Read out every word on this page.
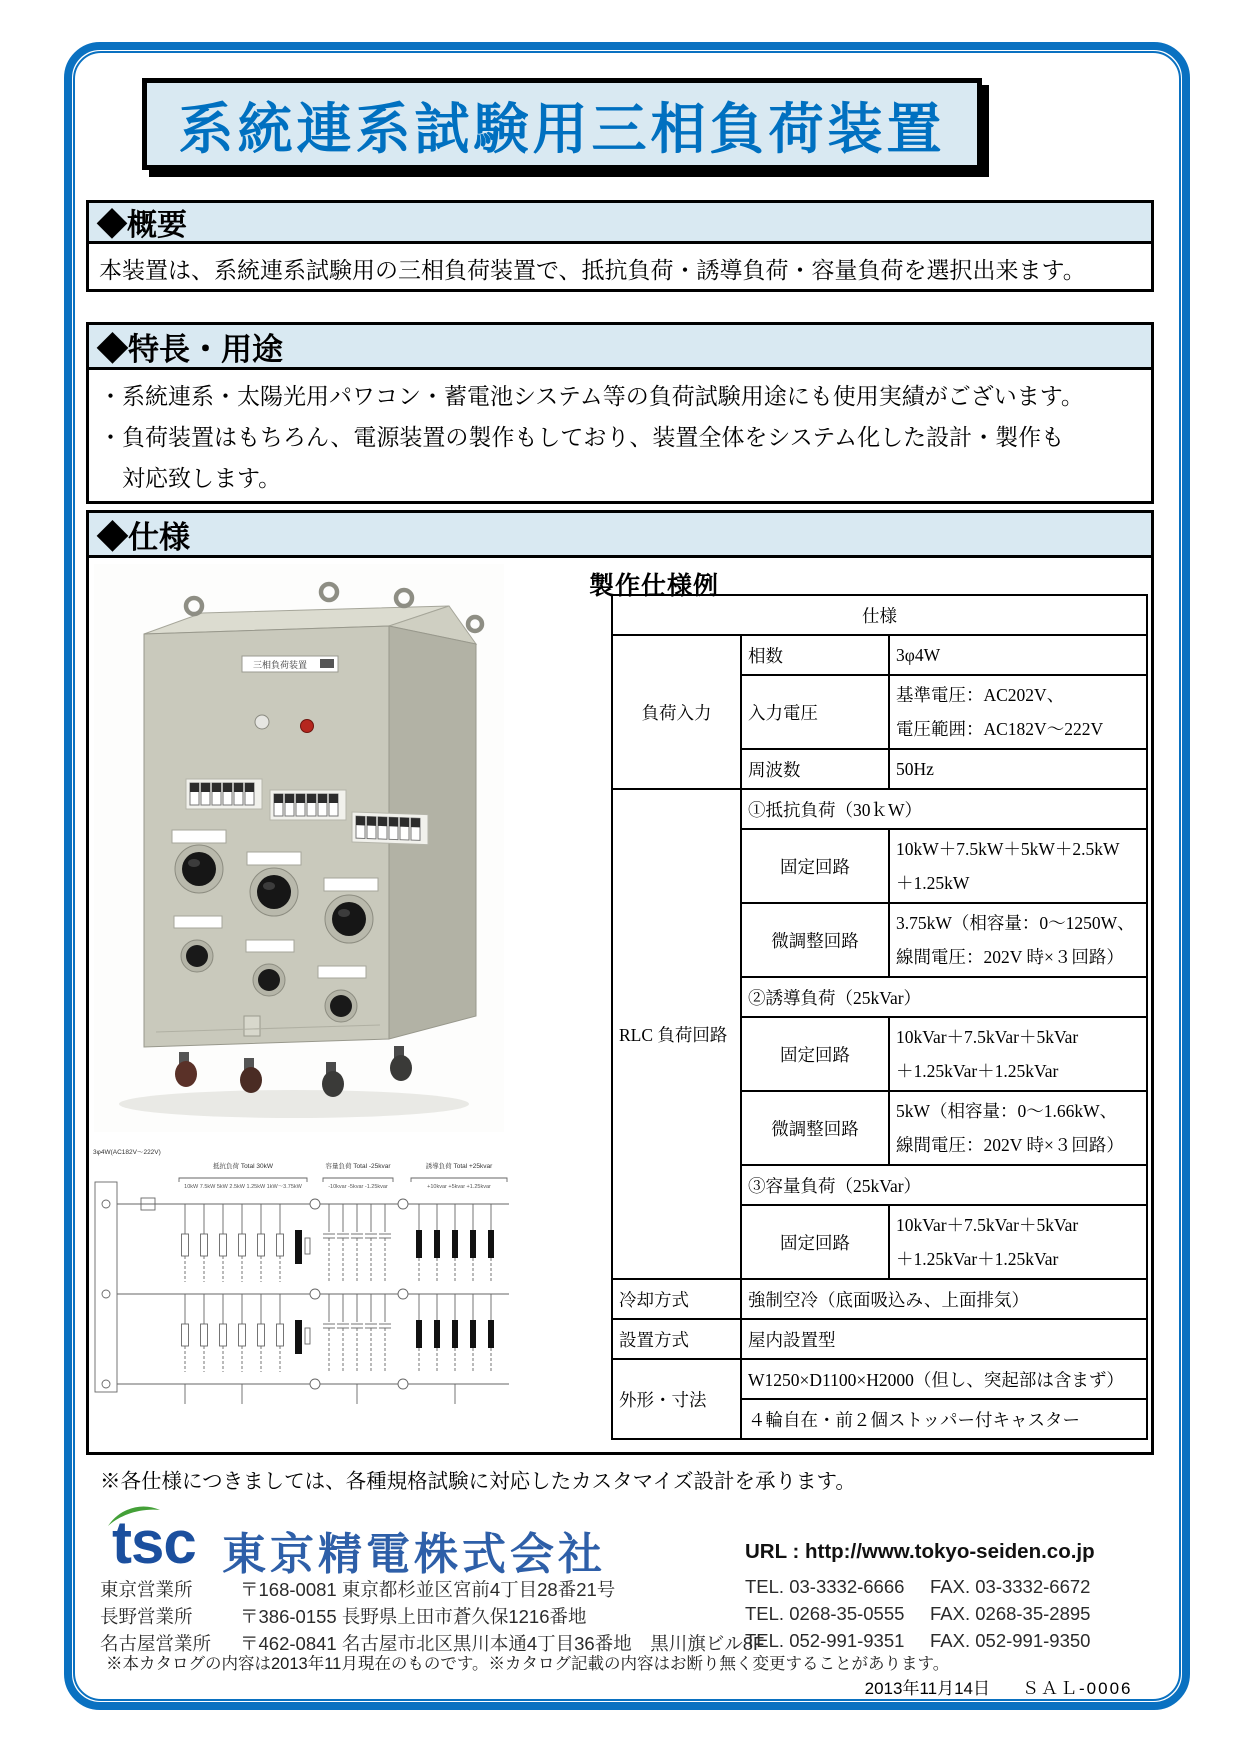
系統連系試験用三相負荷装置
◆概要
本装置は、系統連系試験用の三相負荷装置で、抵抗負荷・誘導負荷・容量負荷を選択出来ます。
◆特長・用途
・系統連系・太陽光用パワコン・蓄電池システム等の負荷試験用途にも使用実績がございます。
・負荷装置はもちろん、電源装置の製作もしており、装置全体をシステム化した設計・製作も
　対応致します。
◆仕様
三相負荷装置
3φ4W(AC182V～222V)
抵抗負荷 Total 30kW	容量負荷 Total -25kvar	誘導負荷 Total +25kvar
10kW 7.5kW 5kW 2.5kW 1.25kW 1kW～3.75kW	-10kvar -5kvar -1.25kvar	+10kvar +5kvar +1.25kvar
製作仕様例
仕様		
負荷入力	相数	3φ4W
	入力電圧	基準電圧：AC202V、
電圧範囲：AC182V～222V

	周波数	50Hz
RLC 負荷回路	①抵抗負荷（30ｋW）	
	固定回路	10kW＋7.5kW＋5kW＋2.5kW
＋1.25kW

	微調整回路	3.75kW（相容量：0～1250W、
線間電圧：202V 時×３回路）

	②誘導負荷（25kVar）	
	固定回路	10kVar＋7.5kVar＋5kVar
＋1.25kVar＋1.25kVar

	微調整回路	5kW（相容量：0～1.66kW、
線間電圧：202V 時×３回路）

	③容量負荷（25kVar）	
	固定回路	10kVar＋7.5kVar＋5kVar
＋1.25kVar＋1.25kVar

冷却方式	強制空冷（底面吸込み、上面排気）	
設置方式	屋内設置型	
外形・寸法	W1250×D1100×H2000（但し、突起部は含まず）	
	４輪自在・前２個ストッパー付キャスター	
※各仕様につきましては、各種規格試験に対応したカスタマイズ設計を承ります。
tsc 東京精電株式会社	URL : http://www.tokyo-seiden.co.jp
東京営業所	〒168-0081 東京都杉並区宮前4丁目28番21号	TEL. 03-3332-6666 FAX. 03-3332-6672
長野営業所	〒386-0155 長野県上田市蒼久保1216番地	TEL. 0268-35-0555 FAX. 0268-35-2895
名古屋営業所 〒462-0841 名古屋市北区黒川本通4丁目36番地　黒川旗ビル8F
TEL. 052-991-9351 FAX. 052-991-9350
※本カタログの内容は2013年11月現在のものです。※カタログ記載の内容はお断り無く変更することがあります。
2013年11月14日 ＳＡＬ-0006
